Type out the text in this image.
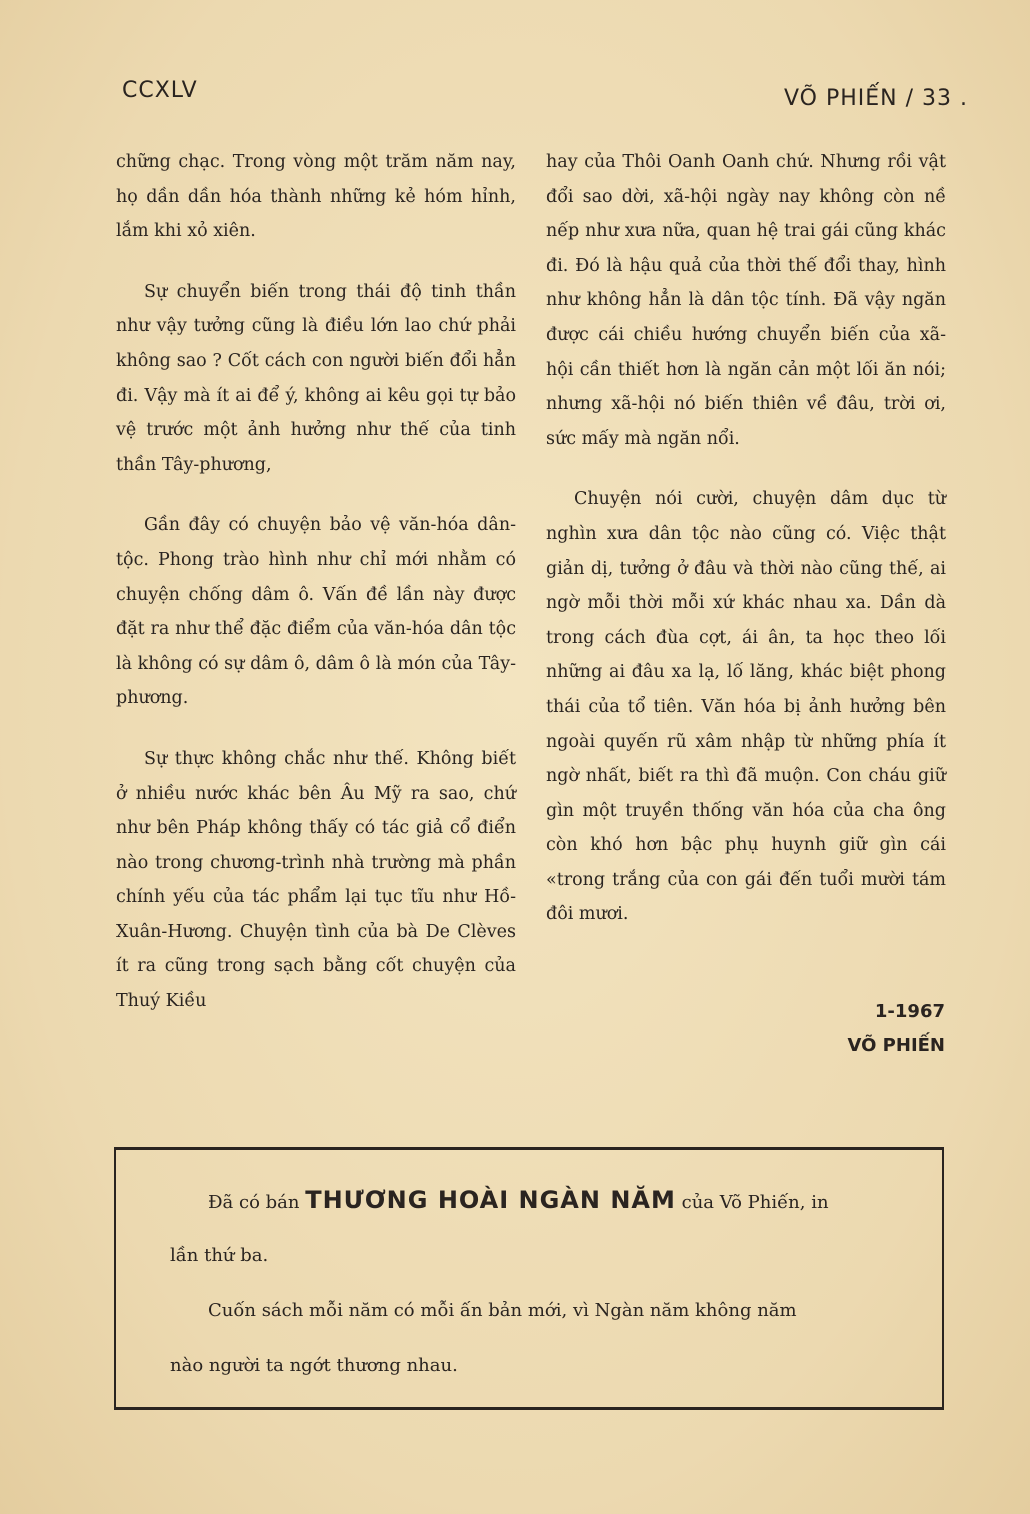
CCXLV	VÕ PHIẾN / 33 .

chững chạc. Trong vòng một trăm năm nay, họ dần dần hóa thành những kẻ hóm hỉnh, lắm khi xỏ xiên.

Sự chuyển biến trong thái độ tinh thần như vậy tưởng cũng là điều lớn lao chứ phải không sao ? Cốt cách con người biến đổi hẳn đi. Vậy mà ít ai để ý, không ai kêu gọi tự bảo vệ trước một ảnh hưởng như thế của tinh thần Tây-phương,

Gần đây có chuyện bảo vệ văn-hóa dân-tộc. Phong trào hình như chỉ mới nhằm có chuyện chống dâm ô. Vấn đề lần này được đặt ra như thể đặc điểm của văn-hóa dân tộc là không có sự dâm ô, dâm ô là món của Tây-phương.

Sự thực không chắc như thế. Không biết ở nhiều nước khác bên Âu Mỹ ra sao, chứ như bên Pháp không thấy có tác giả cổ điển nào trong chương-trình nhà trường mà phần chính yếu của tác phẩm lại tục tĩu như Hồ-Xuân-Hương. Chuyện tình của bà De Clèves ít ra cũng trong sạch bằng cốt chuyện của Thuý Kiều

hay của Thôi Oanh Oanh chứ. Nhưng rồi vật đổi sao dời, xã-hội ngày nay không còn nề nếp như xưa nữa, quan hệ trai gái cũng khác đi. Đó là hậu quả của thời thế đổi thay, hình như không hẳn là dân tộc tính. Đã vậy ngăn được cái chiều hướng chuyển biến của xã-hội cần thiết hơn là ngăn cản một lối ăn nói; nhưng xã-hội nó biến thiên về đâu, trời ơi, sức mấy mà ngăn nổi.

Chuyện nói cười, chuyện dâm dục từ nghìn xưa dân tộc nào cũng có. Việc thật giản dị, tưởng ở đâu và thời nào cũng thế, ai ngờ mỗi thời mỗi xứ khác nhau xa. Dần dà trong cách đùa cợt, ái ân, ta học theo lối những ai đâu xa lạ, lố lăng, khác biệt phong thái của tổ tiên. Văn hóa bị ảnh hưởng bên ngoài quyến rũ xâm nhập từ những phía ít ngờ nhất, biết ra thì đã muộn. Con cháu giữ gìn một truyền thống văn hóa của cha ông còn khó hơn bậc phụ huynh giữ gìn cái «trong trắng của con gái đến tuổi mười tám đôi mươi.

1-1967
VÕ PHIẾN

Đã có bán THƯƠNG HOÀI NGÀN NĂM của Võ Phiến, in

lần thứ ba.

Cuốn sách mỗi năm có mỗi ấn bản mới, vì Ngàn năm không năm

nào người ta ngớt thương nhau.
